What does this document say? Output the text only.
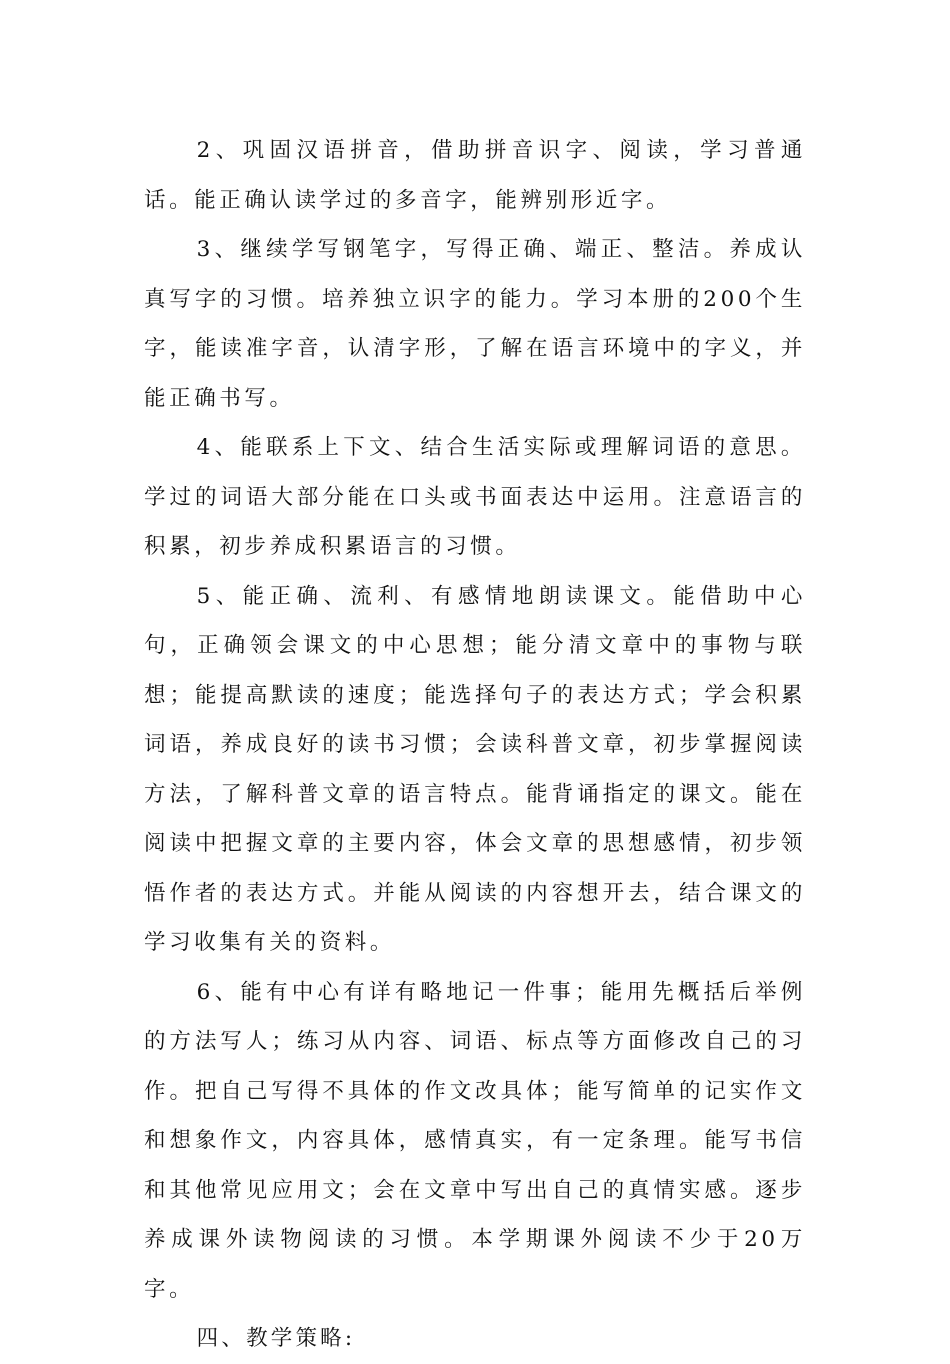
2、巩固汉语拼音，借助拼音识字、阅读，学习普通话。能正确认读学过的多音字，能辨别形近字。

3、继续学写钢笔字，写得正确、端正、整洁。养成认真写字的习惯。培养独立识字的能力。学习本册的200个生字，能读准字音，认清字形，了解在语言环境中的字义，并能正确书写。

4、能联系上下文、结合生活实际或理解词语的意思。学过的词语大部分能在口头或书面表达中运用。注意语言的积累，初步养成积累语言的习惯。

5、能正确、流利、有感情地朗读课文。能借助中心句，正确领会课文的中心思想；能分清文章中的事物与联想；能提高默读的速度；能选择句子的表达方式；学会积累词语，养成良好的读书习惯；会读科普文章，初步掌握阅读方法，了解科普文章的语言特点。能背诵指定的课文。能在阅读中把握文章的主要内容，体会文章的思想感情，初步领悟作者的表达方式。并能从阅读的内容想开去，结合课文的学习收集有关的资料。

6、能有中心有详有略地记一件事；能用先概括后举例的方法写人；练习从内容、词语、标点等方面修改自己的习作。把自己写得不具体的作文改具体；能写简单的记实作文和想象作文，内容具体，感情真实，有一定条理。能写书信和其他常见应用文；会在文章中写出自己的真情实感。逐步养成课外读物阅读的习惯。本学期课外阅读不少于20万字。

四、教学策略:
